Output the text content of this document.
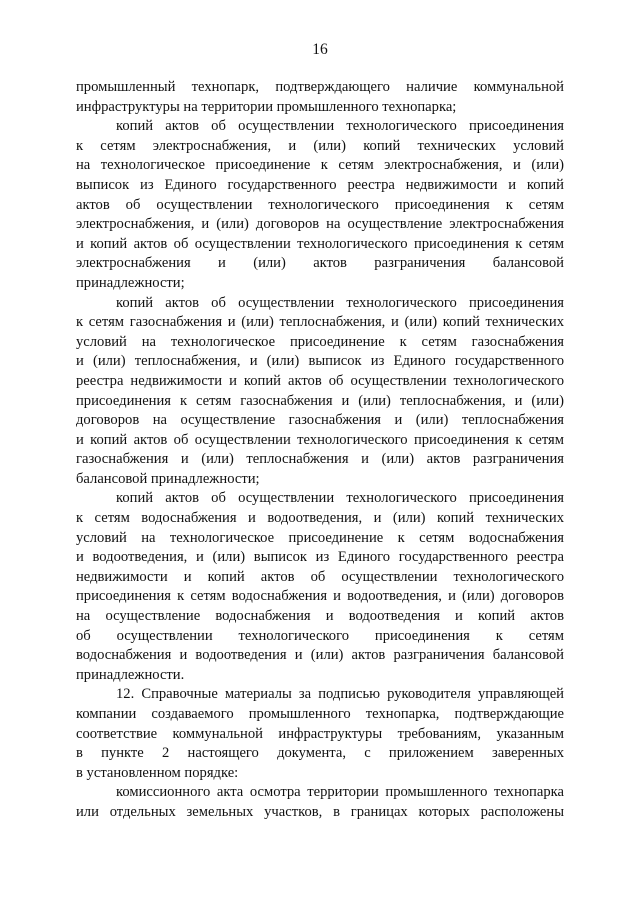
16
промышленный технопарк, подтверждающего наличие коммунальной
инфраструктуры на территории промышленного технопарка;
копий актов об осуществлении технологического присоединения
к сетям электроснабжения, и (или) копий технических условий
на технологическое присоединение к сетям электроснабжения, и (или)
выписок из Единого государственного реестра недвижимости и копий
актов об осуществлении технологического присоединения к сетям
электроснабжения, и (или) договоров на осуществление электроснабжения
и копий актов об осуществлении технологического присоединения к сетям
электроснабжения и (или) актов разграничения балансовой
принадлежности;
копий актов об осуществлении технологического присоединения
к сетям газоснабжения и (или) теплоснабжения, и (или) копий технических
условий на технологическое присоединение к сетям газоснабжения
и (или) теплоснабжения, и (или) выписок из Единого государственного
реестра недвижимости и копий актов об осуществлении технологического
присоединения к сетям газоснабжения и (или) теплоснабжения, и (или)
договоров на осуществление газоснабжения и (или) теплоснабжения
и копий актов об осуществлении технологического присоединения к сетям
газоснабжения и (или) теплоснабжения и (или) актов разграничения
балансовой принадлежности;
копий актов об осуществлении технологического присоединения
к сетям водоснабжения и водоотведения, и (или) копий технических
условий на технологическое присоединение к сетям водоснабжения
и водоотведения, и (или) выписок из Единого государственного реестра
недвижимости и копий актов об осуществлении технологического
присоединения к сетям водоснабжения и водоотведения, и (или) договоров
на осуществление водоснабжения и водоотведения и копий актов
об осуществлении технологического присоединения к сетям
водоснабжения и водоотведения и (или) актов разграничения балансовой
принадлежности.
12. Справочные материалы за подписью руководителя управляющей
компании создаваемого промышленного технопарка, подтверждающие
соответствие коммунальной инфраструктуры требованиям, указанным
в пункте 2 настоящего документа, с приложением заверенных
в установленном порядке:
комиссионного акта осмотра территории промышленного технопарка
или отдельных земельных участков, в границах которых расположены
